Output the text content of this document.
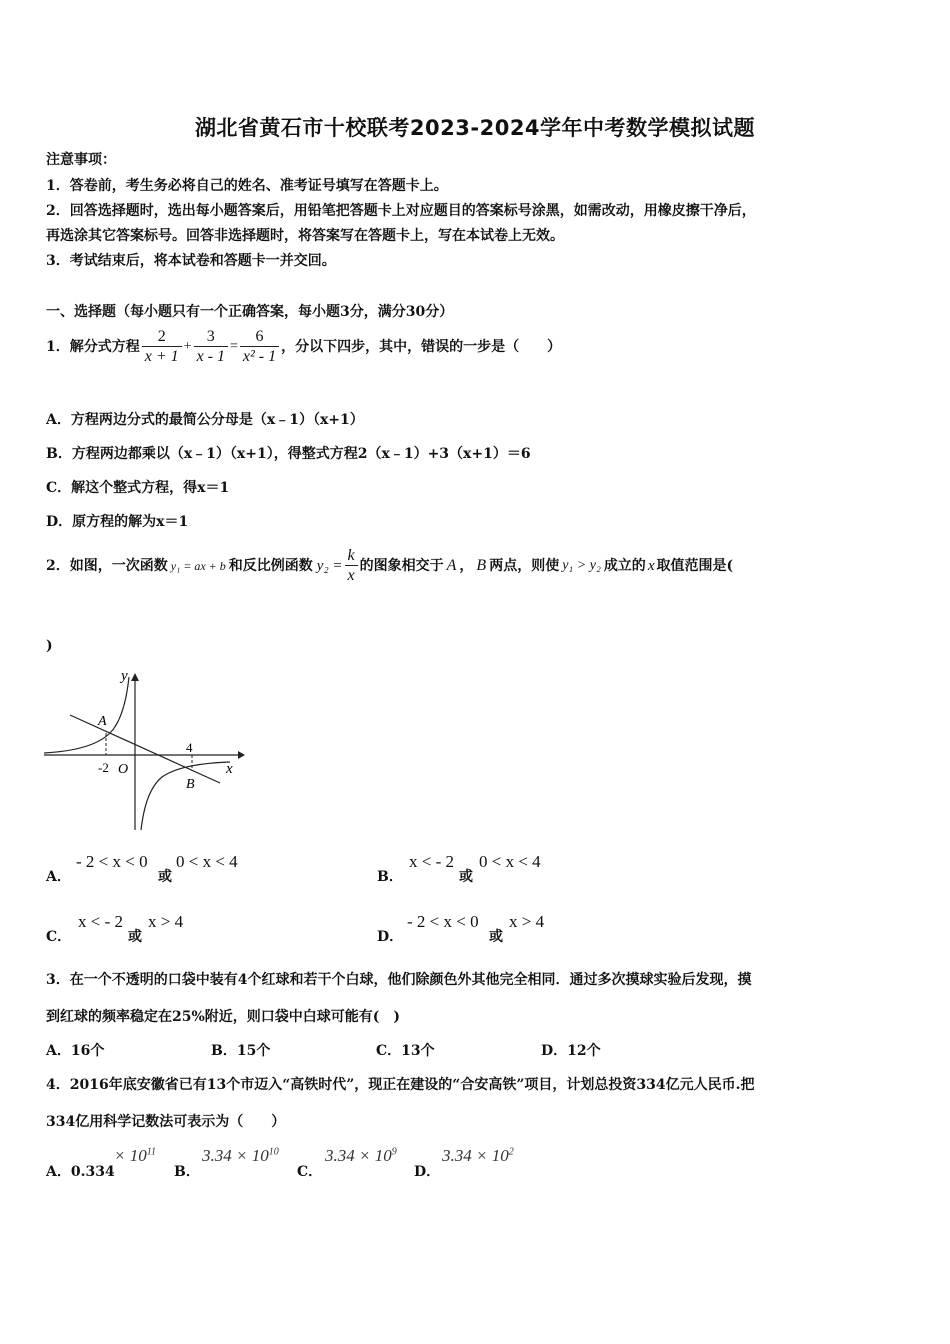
湖北省黄石市十校联考2023-2024学年中考数学模拟试题
注意事项：
1．答卷前，考生务必将自己的姓名、准考证号填写在答题卡上。
2．回答选择题时，选出每小题答案后，用铅笔把答题卡上对应题目的答案标号涂黑，如需改动，用橡皮擦干净后，
再选涂其它答案标号。回答非选择题时，将答案写在答题卡上，写在本试卷上无效。
3．考试结束后，将本试卷和答题卡一并交回。
一、选择题（每小题只有一个正确答案，每小题3分，满分30分）
1．解分式方程 $\frac{2}{x + 1} + \frac{3}{x - 1} = \frac{6}{\text{x² - 1}}$ ，分以下四步，其中，错误的一步是（　　）
A．方程两边分式的最简公分母是（x﹣1）（x+1）
B．方程两边都乘以（x﹣1）（x+1），得整式方程2（x﹣1）+3（x+1）＝6
C．解这个整式方程，得x＝1
D．原方程的解为x＝1
2．如图，一次函数 y₁ = ax + b 和反比例函数 $y_2 = \frac{k}{x}$ 的图象相交于 A ， B 两点，则使 y₁ > y₂ 成立的 x 取值范围是(
)
y
x
O
-2
4
A
B
A．
- 2 < x < 0
或
0 < x < 4
B．
x < - 2
或
0 < x < 4
C．
x < - 2
或
x > 4
D．
- 2 < x < 0
或
x > 4
3．在一个不透明的口袋中装有4个红球和若干个白球，他们除颜色外其他完全相同．通过多次摸球实验后发现，摸
到红球的频率稳定在25%附近，则口袋中白球可能有(　)
A．16个	B．15个	C．13个	D．12个
4．2016年底安徽省已有13个市迈入“高铁时代”，现正在建设的“合安高铁”项目，计划总投资334亿元人民币.把
334亿用科学记数法可表示为（　　）
A．0.334
× $10^{11}$
B．
$3.34 \times 10^{10}$
C．
$3.34 \times 10^9$
D．
$3.34 \times 10^2$
